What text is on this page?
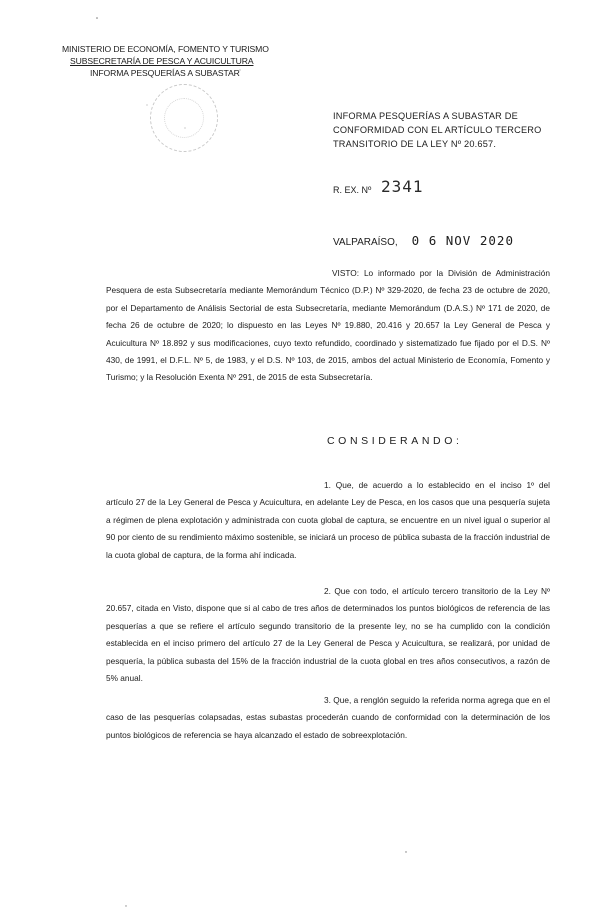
MINISTERIO DE ECONOMÍA, FOMENTO Y TURISMO
SUBSECRETARÍA DE PESCA Y ACUICULTURA
INFORMA PESQUERÍAS A SUBASTAR
INFORMA PESQUERÍAS A SUBASTAR DE CONFORMIDAD CON EL ARTÍCULO TERCERO TRANSITORIO DE LA LEY Nº 20.657.
R. EX. Nº 2341
VALPARAÍSO, 0 6 NOV 2020
VISTO: Lo informado por la División de Administración Pesquera de esta Subsecretaría mediante Memorándum Técnico (D.P.) Nº 329-2020, de fecha 23 de octubre de 2020, por el Departamento de Análisis Sectorial de esta Subsecretaría, mediante Memorándum (D.A.S.) Nº 171 de 2020, de fecha 26 de octubre de 2020; lo dispuesto en las Leyes Nº 19.880, 20.416 y 20.657 la Ley General de Pesca y Acuicultura Nº 18.892 y sus modificaciones, cuyo texto refundido, coordinado y sistematizado fue fijado por el D.S. Nº 430, de 1991, el D.F.L. Nº 5, de 1983, y el D.S. Nº 103, de 2015, ambos del actual Ministerio de Economía, Fomento y Turismo; y la Resolución Exenta Nº 291, de 2015 de esta Subsecretaría.
CONSIDERANDO:
1. Que, de acuerdo a lo establecido en el inciso 1º del artículo 27 de la Ley General de Pesca y Acuicultura, en adelante Ley de Pesca, en los casos que una pesquería sujeta a régimen de plena explotación y administrada con cuota global de captura, se encuentre en un nivel igual o superior al 90 por ciento de su rendimiento máximo sostenible, se iniciará un proceso de pública subasta de la fracción industrial de la cuota global de captura, de la forma ahí indicada.
2. Que con todo, el artículo tercero transitorio de la Ley Nº 20.657, citada en Visto, dispone que si al cabo de tres años de determinados los puntos biológicos de referencia de las pesquerías a que se refiere el artículo segundo transitorio de la presente ley, no se ha cumplido con la condición establecida en el inciso primero del artículo 27 de la Ley General de Pesca y Acuicultura, se realizará, por unidad de pesquería, la pública subasta del 15% de la fracción industrial de la cuota global en tres años consecutivos, a razón de 5% anual.
3. Que, a renglón seguido la referida norma agrega que en el caso de las pesquerías colapsadas, estas subastas procederán cuando de conformidad con la determinación de los puntos biológicos de referencia se haya alcanzado el estado de sobreexplotación.
